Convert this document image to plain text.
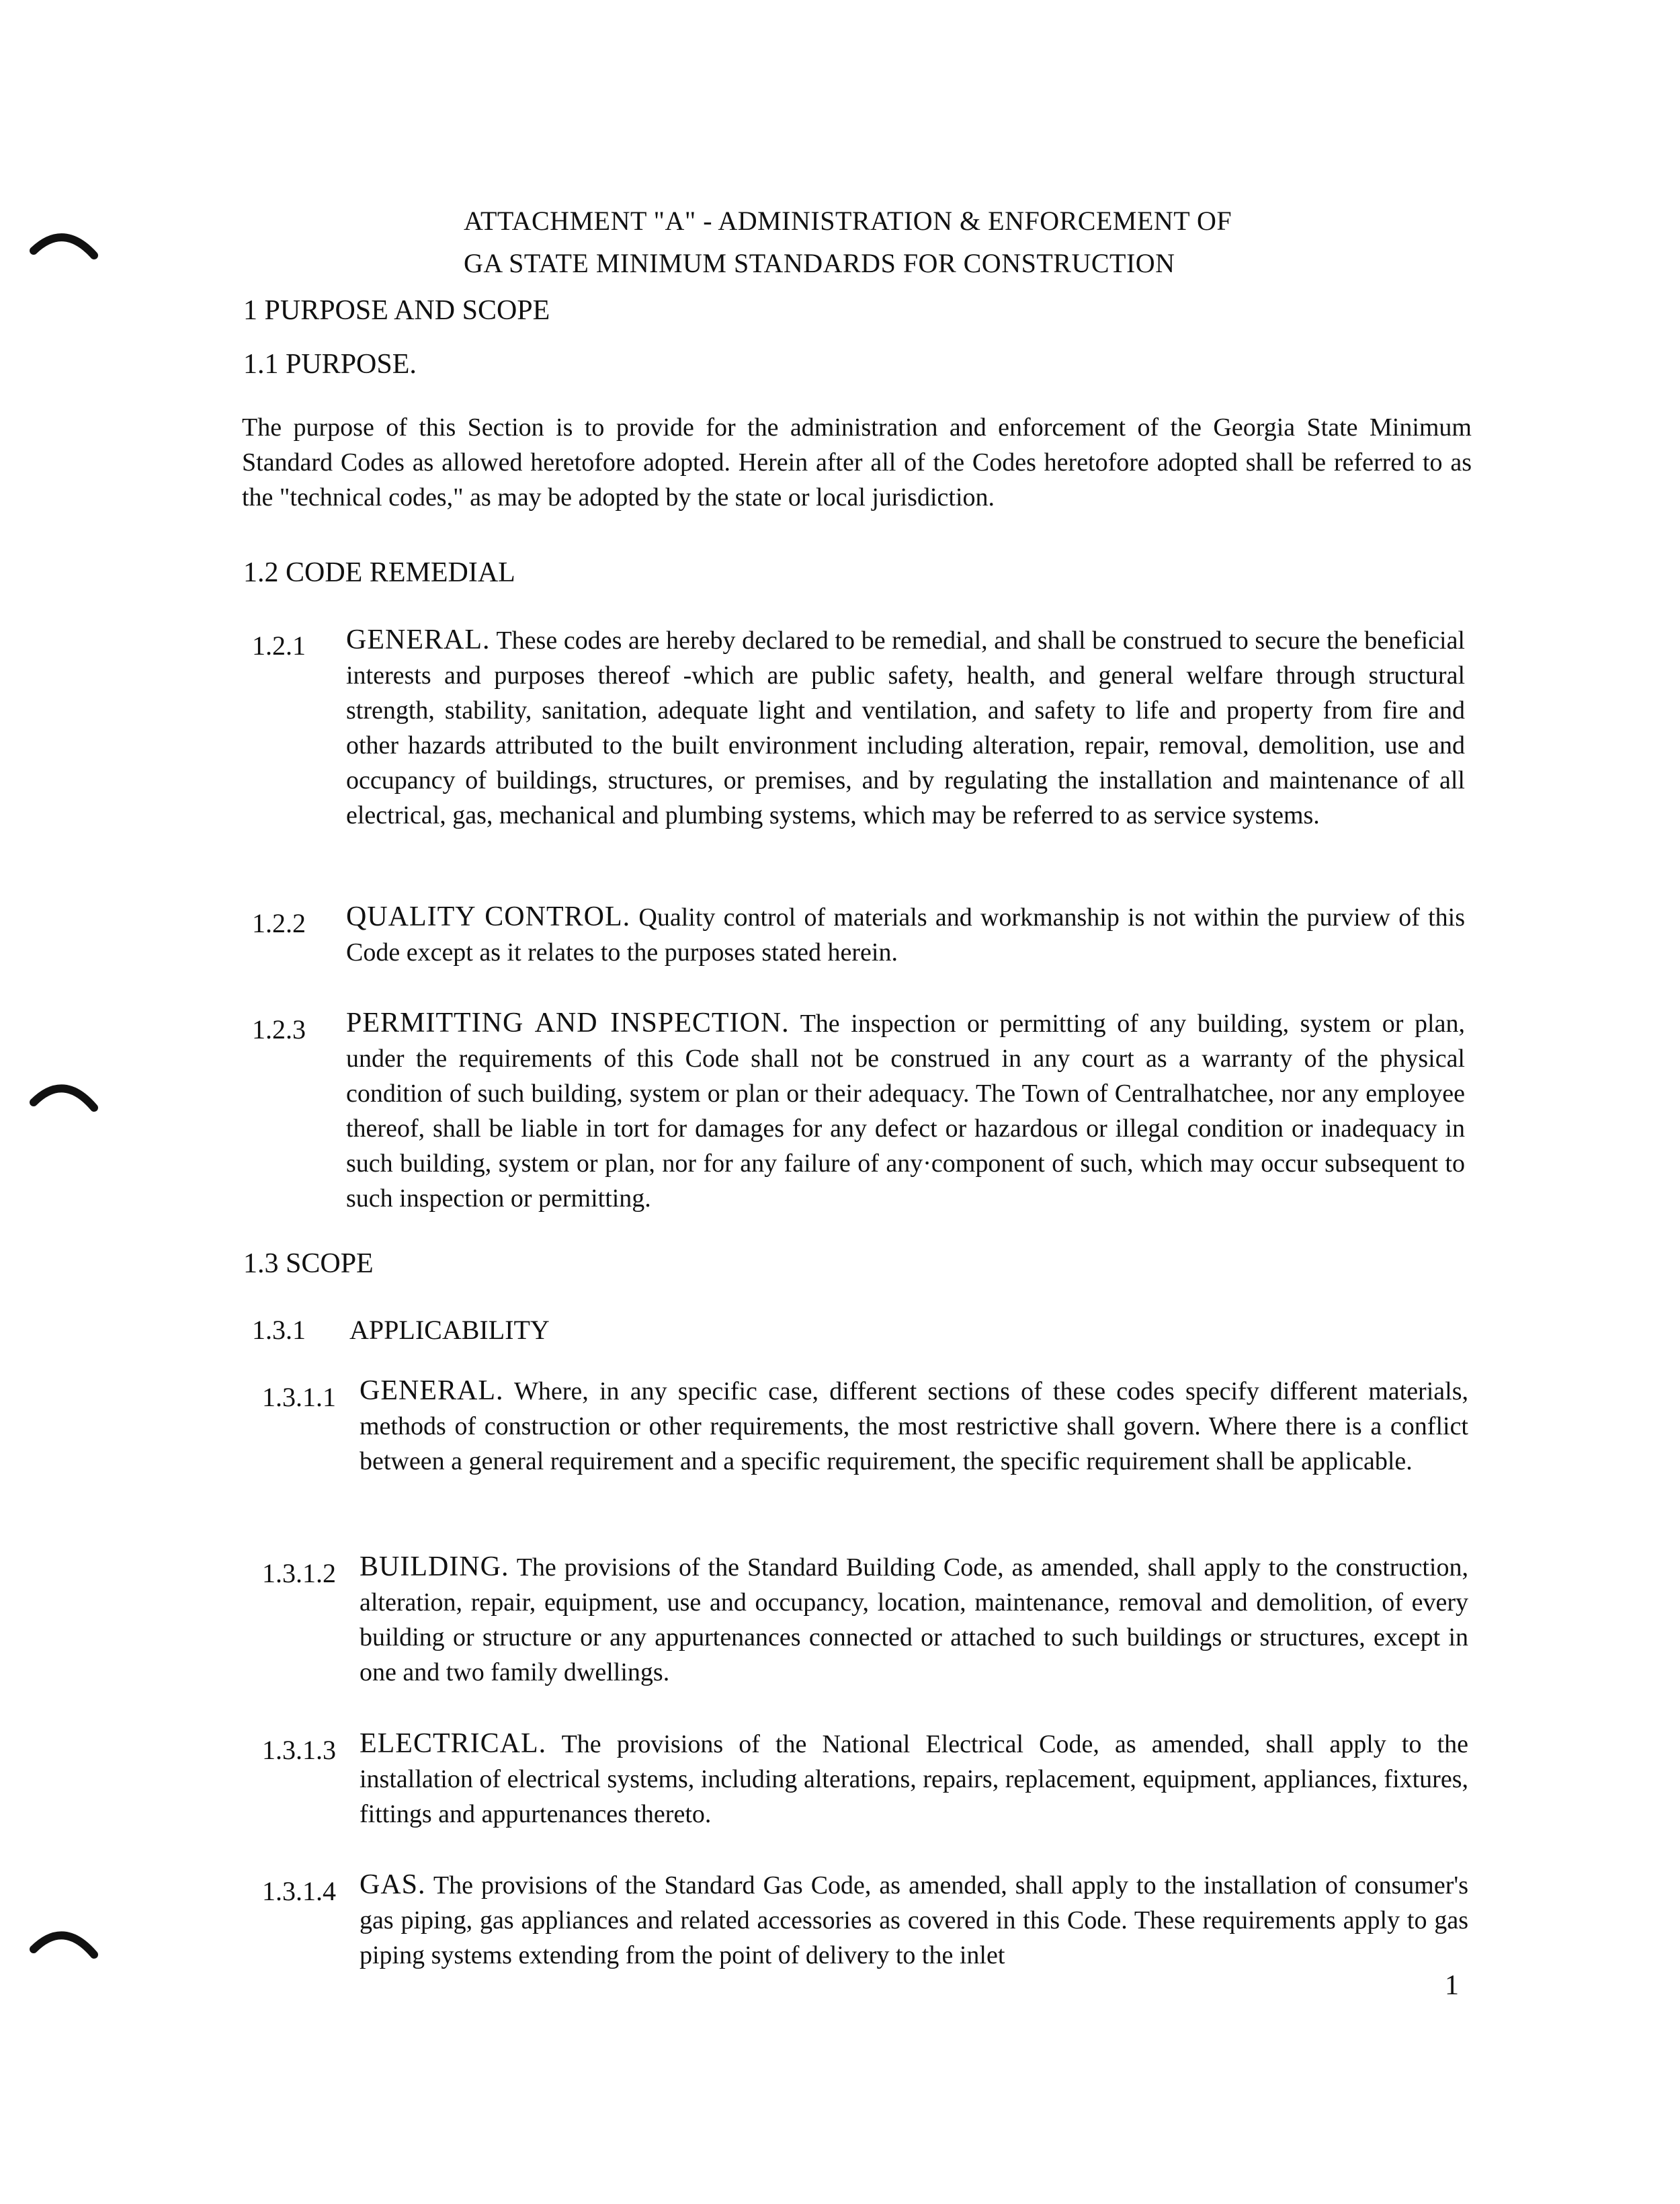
ATTACHMENT "A" - ADMINISTRATION & ENFORCEMENT OF
GA STATE MINIMUM STANDARDS FOR CONSTRUCTION
1 PURPOSE AND SCOPE
1.1 PURPOSE.
The purpose of this Section is to provide for the administration and enforcement of the Georgia State Minimum Standard Codes as allowed heretofore adopted. Herein after all of the Codes heretofore adopted shall be referred to as the "technical codes," as may be adopted by the state or local jurisdiction.
1.2 CODE REMEDIAL
1.2.1 GENERAL. These codes are hereby declared to be remedial, and shall be construed to secure the beneficial interests and purposes thereof -which are public safety, health, and general welfare through structural strength, stability, sanitation, adequate light and ventilation, and safety to life and property from fire and other hazards attributed to the built environment including alteration, repair, removal, demolition, use and occupancy of buildings, structures, or premises, and by regulating the installation and maintenance of all electrical, gas, mechanical and plumbing systems, which may be referred to as service systems.
1.2.2 QUALITY CONTROL. Quality control of materials and workmanship is not within the purview of this Code except as it relates to the purposes stated herein.
1.2.3 PERMITTING AND INSPECTION. The inspection or permitting of any building, system or plan, under the requirements of this Code shall not be construed in any court as a warranty of the physical condition of such building, system or plan or their adequacy. The Town of Centralhatchee, nor any employee thereof, shall be liable in tort for damages for any defect or hazardous or illegal condition or inadequacy in such building, system or plan, nor for any failure of any·component of such, which may occur subsequent to such inspection or permitting.
1.3 SCOPE
1.3.1 APPLICABILITY
1.3.1.1 GENERAL. Where, in any specific case, different sections of these codes specify different materials, methods of construction or other requirements, the most restrictive shall govern. Where there is a conflict between a general requirement and a specific requirement, the specific requirement shall be applicable.
1.3.1.2 BUILDING. The provisions of the Standard Building Code, as amended, shall apply to the construction, alteration, repair, equipment, use and occupancy, location, maintenance, removal and demolition, of every building or structure or any appurtenances connected or attached to such buildings or structures, except in one and two family dwellings.
1.3.1.3 ELECTRICAL. The provisions of the National Electrical Code, as amended, shall apply to the installation of electrical systems, including alterations, repairs, replacement, equipment, appliances, fixtures, fittings and appurtenances thereto.
1.3.1.4 GAS. The provisions of the Standard Gas Code, as amended, shall apply to the installation of consumer's gas piping, gas appliances and related accessories as covered in this Code. These requirements apply to gas piping systems extending from the point of delivery to the inlet
1
